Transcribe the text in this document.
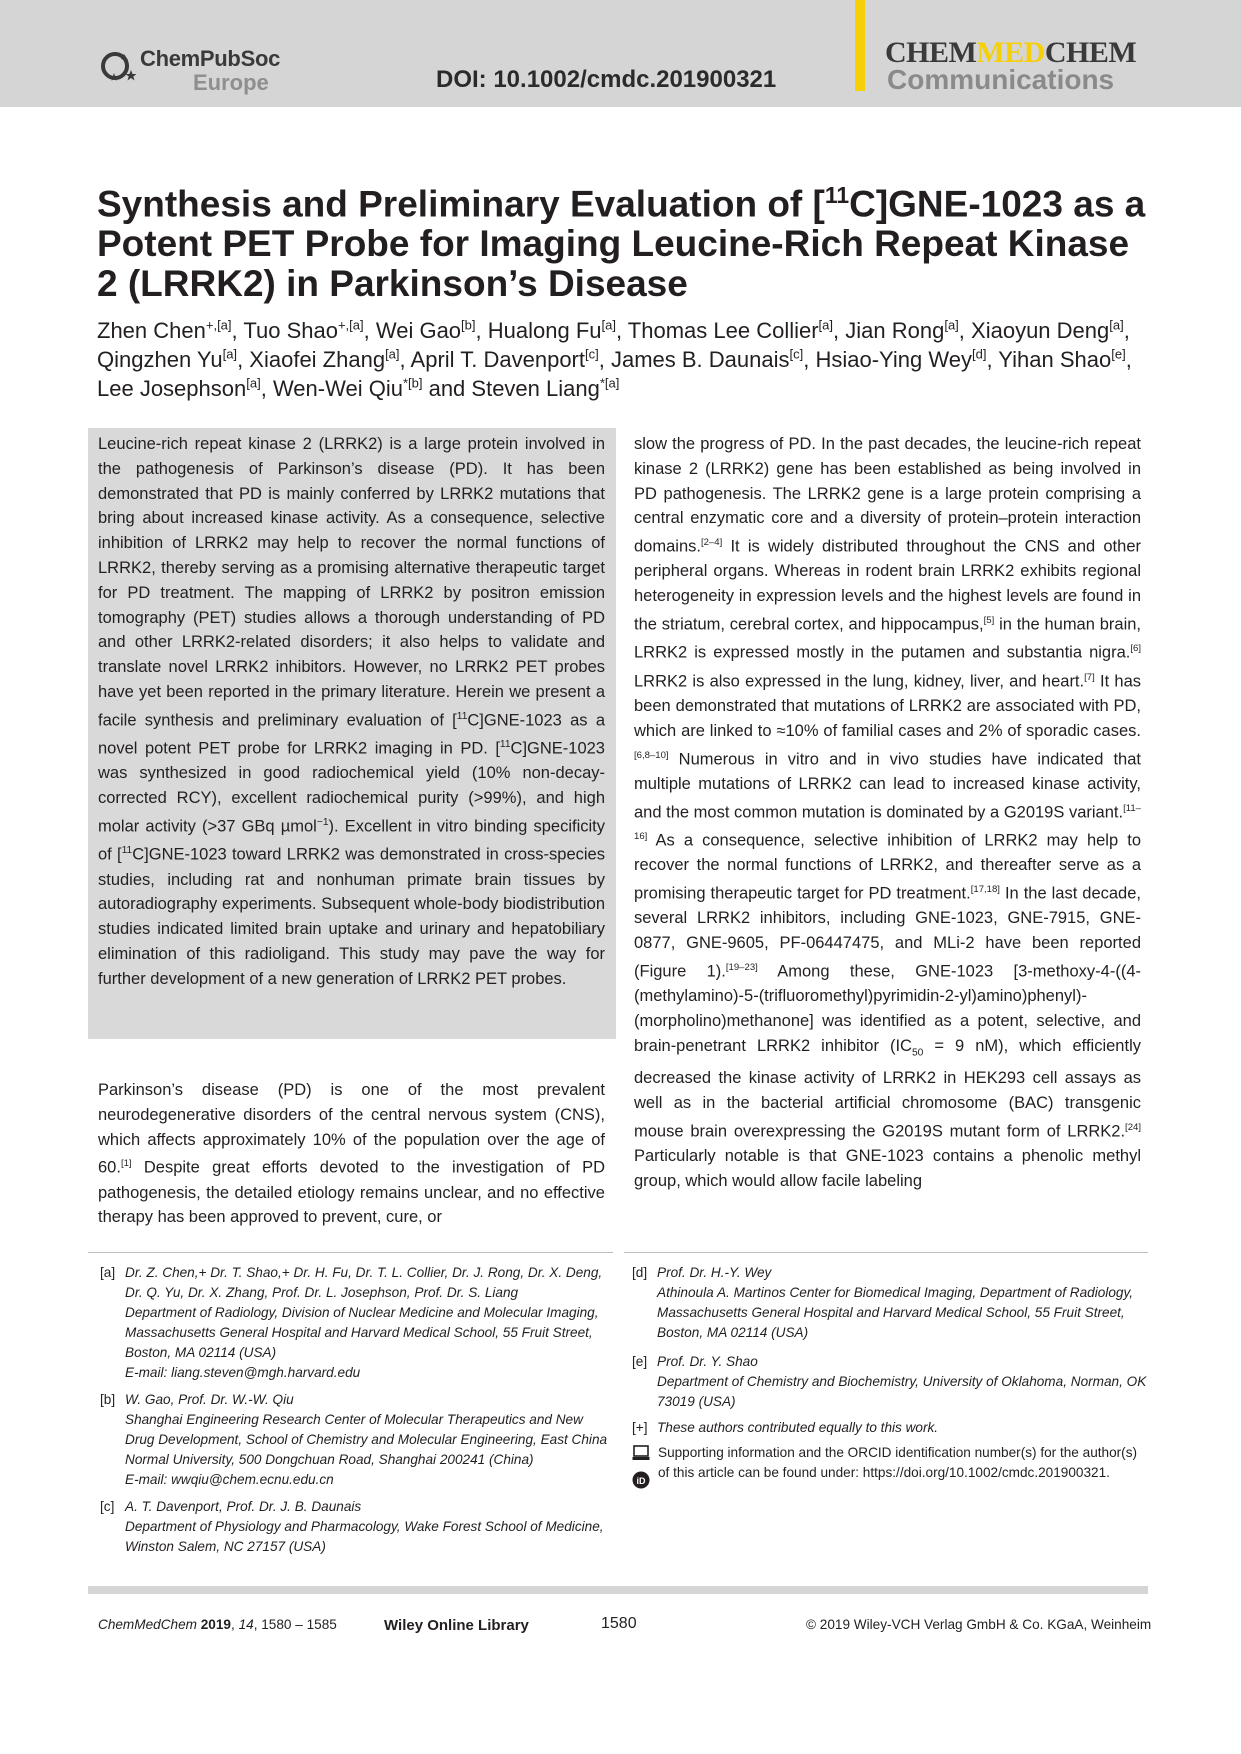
ChemPubSoc
Europe	DOI: 10.1002/cmdc.201900321
CHEMMEDCHEM
Communications
Synthesis and Preliminary Evaluation of [$^{11}$C]GNE-1023 as a Potent PET Probe for Imaging Leucine-Rich Repeat Kinase 2 (LRRK2) in Parkinson’s Disease

Zhen Chen$^{+,[a]}$, Tuo Shao$^{+,[a]}$, Wei Gao[b], Hualong Fu[a], Thomas Lee Collier[a], Jian Rong[a], Xiaoyun Deng[a], Qingzhen Yu[a], Xiaofei Zhang[a], April T. Davenport[c], James B. Daunais[c], Hsiao-Ying Wey[d], Yihan Shao[e], Lee Josephson[a], Wen-Wei Qiu$^{*[b]}$ and Steven Liang$^{*[a]}$

Leucine-rich repeat kinase 2 (LRRK2) is a large protein involved in the pathogenesis of Parkinson’s disease (PD). It has been demonstrated that PD is mainly conferred by LRRK2 mutations that bring about increased kinase activity. As a consequence, selective inhibition of LRRK2 may help to recover the normal functions of LRRK2, thereby serving as a promising alternative therapeutic target for PD treatment. The mapping of LRRK2 by positron emission tomography (PET) studies allows a thorough understanding of PD and other LRRK2-related disorders; it also helps to validate and translate novel LRRK2 inhibitors. However, no LRRK2 PET probes have yet been reported in the primary literature. Herein we present a facile synthesis and preliminary evaluation of [$^{11}$C]GNE-1023 as a novel potent PET probe for LRRK2 imaging in PD. [$^{11}$C]GNE-1023 was synthesized in good radiochemical yield (10% non-decay-corrected RCY), excellent radiochemical purity (>99%), and high molar activity (>37 GBq µmol$^{-1}$). Excellent in vitro binding specificity of [$^{11}$C]GNE-1023 toward LRRK2 was demonstrated in cross-species studies, including rat and nonhuman primate brain tissues by autoradiography experiments. Subsequent whole-body biodistribution studies indicated limited brain uptake and urinary and hepatobiliary elimination of this radioligand. This study may pave the way for further development of a new generation of LRRK2 PET probes.

Parkinson’s disease (PD) is one of the most prevalent neurodegenerative disorders of the central nervous system (CNS), which affects approximately 10% of the population over the age of 60.[1] Despite great efforts devoted to the investigation of PD pathogenesis, the detailed etiology remains unclear, and no effective therapy has been approved to prevent, cure, or

slow the progress of PD. In the past decades, the leucine-rich repeat kinase 2 (LRRK2) gene has been established as being involved in PD pathogenesis. The LRRK2 gene is a large protein comprising a central enzymatic core and a diversity of protein–protein interaction domains.[2–4] It is widely distributed throughout the CNS and other peripheral organs. Whereas in rodent brain LRRK2 exhibits regional heterogeneity in expression levels and the highest levels are found in the striatum, cerebral cortex, and hippocampus,[5] in the human brain, LRRK2 is expressed mostly in the putamen and substantia nigra.[6] LRRK2 is also expressed in the lung, kidney, liver, and heart.[7] It has been demonstrated that mutations of LRRK2 are associated with PD, which are linked to ≈10% of familial cases and 2% of sporadic cases.[6,8–10] Numerous in vitro and in vivo studies have indicated that multiple mutations of LRRK2 can lead to increased kinase activity, and the most common mutation is dominated by a G2019S variant.[11–16] As a consequence, selective inhibition of LRRK2 may help to recover the normal functions of LRRK2, and thereafter serve as a promising therapeutic target for PD treatment.[17,18] In the last decade, several LRRK2 inhibitors, including GNE-1023, GNE-7915, GNE-0877, GNE-9605, PF-06447475, and MLi-2 have been reported (Figure 1).[19–23] Among these, GNE-1023 [3-methoxy-4-((4-(methylamino)-5-(trifluoromethyl)pyrimidin-2-yl)amino)phenyl)-(morpholino)methanone] was identified as a potent, selective, and brain-penetrant LRRK2 inhibitor ($IC_{50} = 9$ nM), which efficiently decreased the kinase activity of LRRK2 in HEK293 cell assays as well as in the bacterial artificial chromosome (BAC) transgenic mouse brain overexpressing the G2019S mutant form of LRRK2.[24] Particularly notable is that GNE-1023 contains a phenolic methyl group, which would allow facile labeling

[a] Dr. Z. Chen,+ Dr. T. Shao,+ Dr. H. Fu, Dr. T. L. Collier, Dr. J. Rong, Dr. X. Deng, Dr. Q. Yu, Dr. X. Zhang, Prof. Dr. L. Josephson, Prof. Dr. S. Liang
Department of Radiology, Division of Nuclear Medicine and Molecular Imaging, Massachusetts General Hospital and Harvard Medical School, 55 Fruit Street, Boston, MA 02114 (USA)
E-mail: liang.steven@mgh.harvard.edu
[b] W. Gao, Prof. Dr. W.-W. Qiu
Shanghai Engineering Research Center of Molecular Therapeutics and New Drug Development, School of Chemistry and Molecular Engineering, East China Normal University, 500 Dongchuan Road, Shanghai 200241 (China)
E-mail: wwqiu@chem.ecnu.edu.cn
[c] A. T. Davenport, Prof. Dr. J. B. Daunais
Department of Physiology and Pharmacology, Wake Forest School of Medicine, Winston Salem, NC 27157 (USA)
[d] Prof. Dr. H.-Y. Wey
Athinoula A. Martinos Center for Biomedical Imaging, Department of Radiology, Massachusetts General Hospital and Harvard Medical School, 55 Fruit Street, Boston, MA 02114 (USA)
[e] Prof. Dr. Y. Shao
Department of Chemistry and Biochemistry, University of Oklahoma, Norman, OK 73019 (USA)
[+] These authors contributed equally to this work.

iD
Supporting information and the ORCID identification number(s) for the author(s) of this article can be found under: https://doi.org/10.1002/cmdc.201900321.
ChemMedChem 2019, 14, 1580 – 1585	Wiley Online Library	1580	© 2019 Wiley-VCH Verlag GmbH & Co. KGaA, Weinheim
